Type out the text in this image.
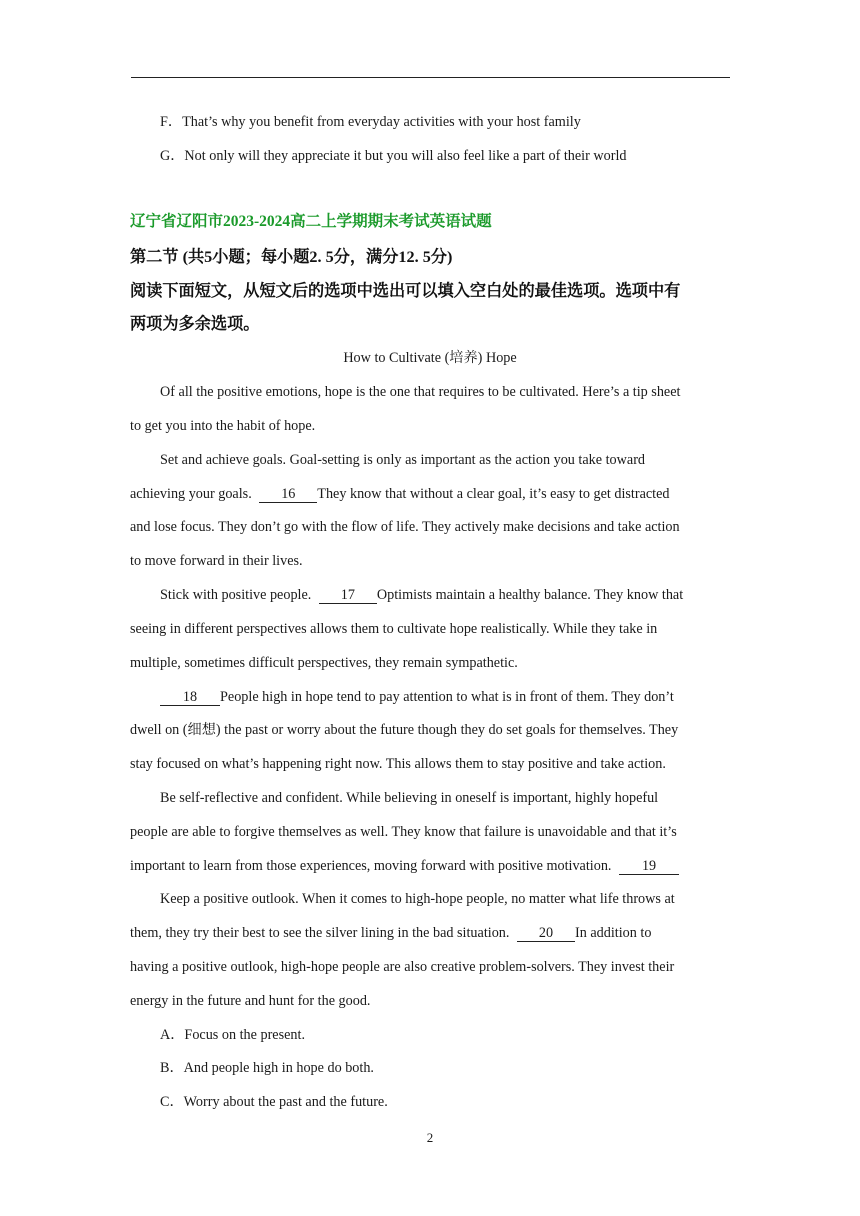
F．That’s why you benefit from everyday activities with your host family
G．Not only will they appreciate it but you will also feel like a part of their world
辽宁省辽阳市2023-2024高二上学期期末考试英语试题
第二节 (共5小题；每小题2. 5分，满分12. 5分)
阅读下面短文，从短文后的选项中选出可以填入空白处的最佳选项。选项中有
两项为多余选项。
How to Cultivate (培养) Hope
Of all the positive emotions, hope is the one that requires to be cultivated. Here’s a tip sheet
to get you into the habit of hope.
Set and achieve goals. Goal-setting is only as important as the action you take toward
achieving your goals. 16 They know that without a clear goal, it’s easy to get distracted
and lose focus. They don’t go with the flow of life. They actively make decisions and take action
to move forward in their lives.
Stick with positive people. 17 Optimists maintain a healthy balance. They know that
seeing in different perspectives allows them to cultivate hope realistically. While they take in
multiple, sometimes difficult perspectives, they remain sympathetic.
18 People high in hope tend to pay attention to what is in front of them. They don’t
dwell on (细想) the past or worry about the future though they do set goals for themselves. They
stay focused on what’s happening right now. This allows them to stay positive and take action.
Be self-reflective and confident. While believing in oneself is important, highly hopeful
people are able to forgive themselves as well. They know that failure is unavoidable and that it’s
important to learn from those experiences, moving forward with positive motivation. 19
Keep a positive outlook. When it comes to high-hope people, no matter what life throws at
them, they try their best to see the silver lining in the bad situation. 20 In addition to
having a positive outlook, high-hope people are also creative problem-solvers. They invest their
energy in the future and hunt for the good.
A．Focus on the present.
B．And people high in hope do both.
C．Worry about the past and the future.
2
